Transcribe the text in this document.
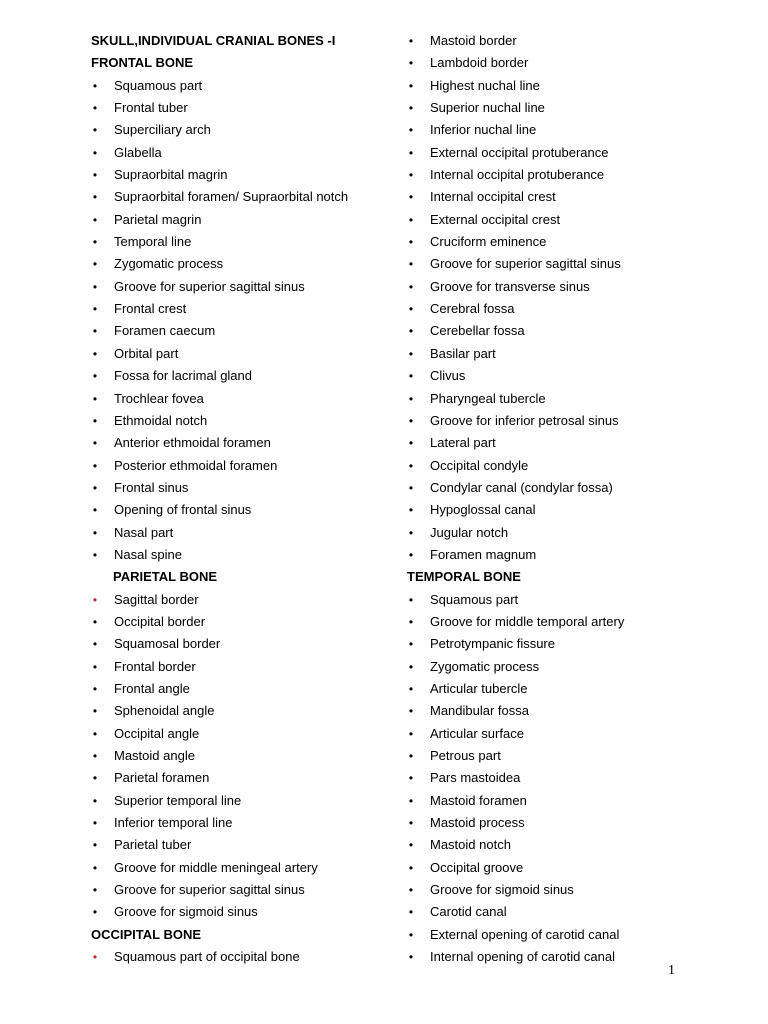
SKULL,INDIVIDUAL CRANIAL BONES -I
FRONTAL BONE
• Squamous part
• Frontal tuber
• Superciliary arch
• Glabella
• Supraorbital magrin
• Supraorbital foramen/ Supraorbital notch
• Parietal magrin
• Temporal line
• Zygomatic process
• Groove for superior sagittal sinus
• Frontal crest
• Foramen caecum
• Orbital part
• Fossa for lacrimal gland
• Trochlear fovea
• Ethmoidal notch
• Anterior ethmoidal foramen
• Posterior ethmoidal foramen
• Frontal sinus
• Opening of frontal sinus
• Nasal part
• Nasal spine
PARIETAL BONE
• Sagittal border
• Occipital border
• Squamosal border
• Frontal border
• Frontal angle
• Sphenoidal angle
• Occipital angle
• Mastoid angle
• Parietal foramen
• Superior temporal line
• Inferior temporal line
• Parietal tuber
• Groove for middle meningeal artery
• Groove for superior sagittal sinus
• Groove for sigmoid sinus
OCCIPITAL BONE
• Squamous part of occipital bone
• Mastoid border
• Lambdoid border
• Highest nuchal line
• Superior nuchal line
• Inferior nuchal line
• External occipital protuberance
• Internal occipital protuberance
• Internal occipital crest
• External occipital crest
• Cruciform eminence
• Groove for superior sagittal sinus
• Groove for transverse sinus
• Cerebral fossa
• Cerebellar fossa
• Basilar part
• Clivus
• Pharyngeal tubercle
• Groove for inferior petrosal sinus
• Lateral part
• Occipital condyle
• Condylar canal (condylar fossa)
• Hypoglossal canal
• Jugular notch
• Foramen magnum
TEMPORAL BONE
• Squamous part
• Groove for middle temporal artery
• Petrotympanic fissure
• Zygomatic process
• Articular tubercle
• Mandibular fossa
• Articular surface
• Petrous part
• Pars mastoidea
• Mastoid foramen
• Mastoid process
• Mastoid notch
• Occipital groove
• Groove for sigmoid sinus
• Carotid canal
• External opening of carotid canal
• Internal opening of carotid canal
1
